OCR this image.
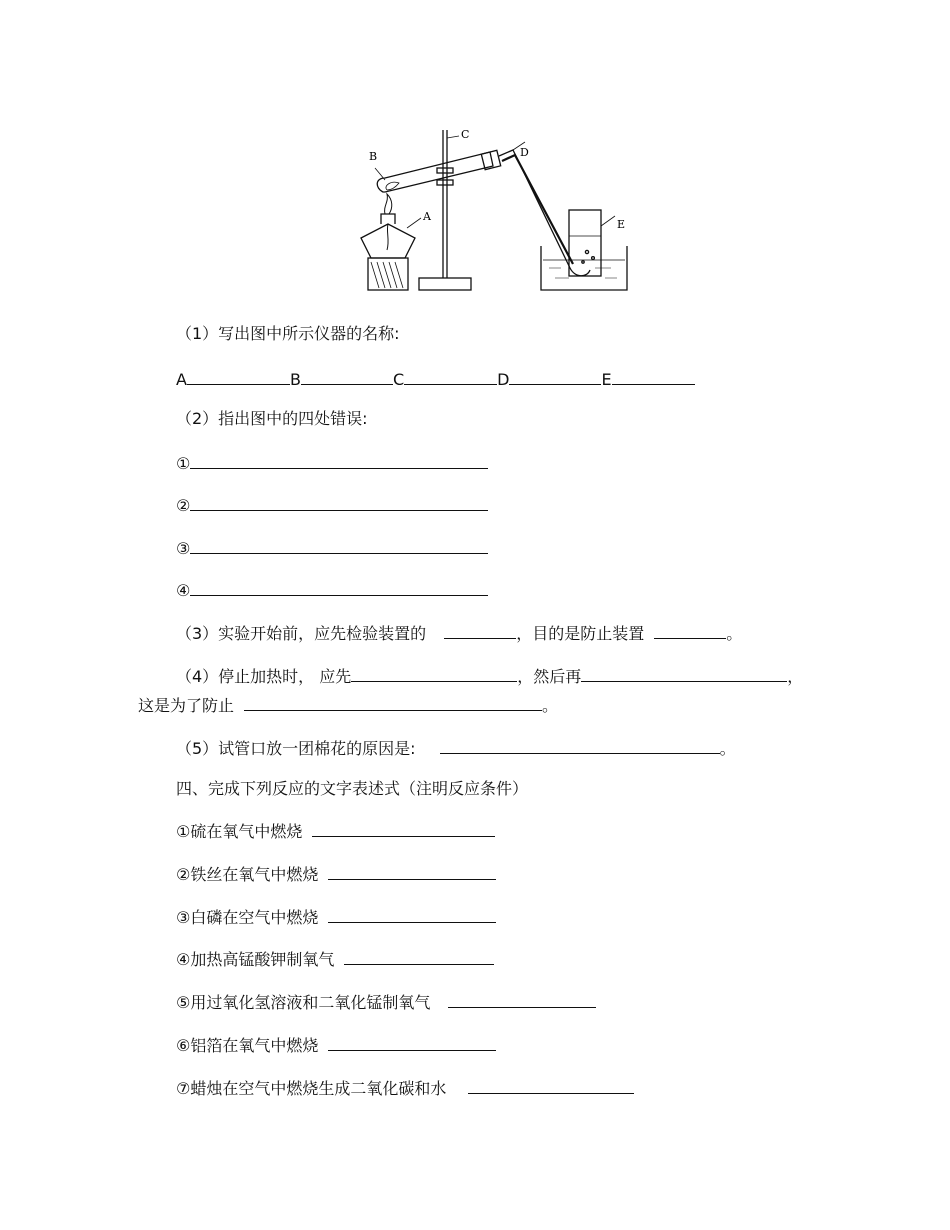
A
B
C
D
E
（1）写出图中所示仪器的名称:
A	B	C	D	E
（2）指出图中的四处错误:
①
②
③
④
（3）实验开始前，应先检验装置的	，目的是防止装置	。
（4）停止加热时， 应先	，然后再	，
这是为了防止	。
（5）试管口放一团棉花的原因是:	。
四、完成下列反应的文字表述式（注明反应条件）
①硫在氧气中燃烧
②铁丝在氧气中燃烧
③白磷在空气中燃烧
④加热高锰酸钾制氧气
⑤用过氧化氢溶液和二氧化锰制氧气
⑥铝箔在氧气中燃烧
⑦蜡烛在空气中燃烧生成二氧化碳和水
